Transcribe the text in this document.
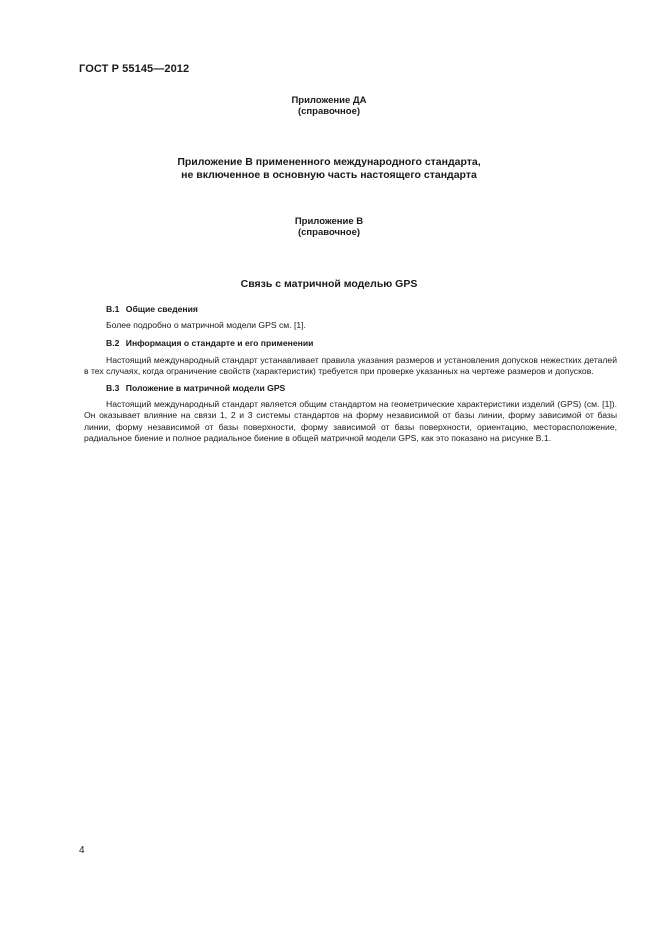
ГОСТ Р 55145—2012
Приложение ДА
(справочное)
Приложение В примененного международного стандарта,
не включенное в основную часть настоящего стандарта
Приложение В
(справочное)
Связь с матричной моделью GPS
В.1 Общие сведения
Более подробно о матричной модели GPS см. [1].
В.2 Информация о стандарте и его применении
Настоящий международный стандарт устанавливает правила указания размеров и установления допусков нежестких деталей в тех случаях, когда ограничение свойств (характеристик) требуется при проверке указанных на чертеже размеров и допусков.
В.3 Положение в матричной модели GPS
Настоящий международный стандарт является общим стандартом на геометрические характеристики изделий (GPS) (см. [1]). Он оказывает влияние на связи 1, 2 и 3 системы стандартов на форму независимой от базы линии, форму зависимой от базы линии, форму независимой от базы поверхности, форму зависимой от базы поверхности, ориентацию, месторасположение, радиальное биение и полное радиальное биение в общей матричной модели GPS, как это показано на рисунке В.1.
4
